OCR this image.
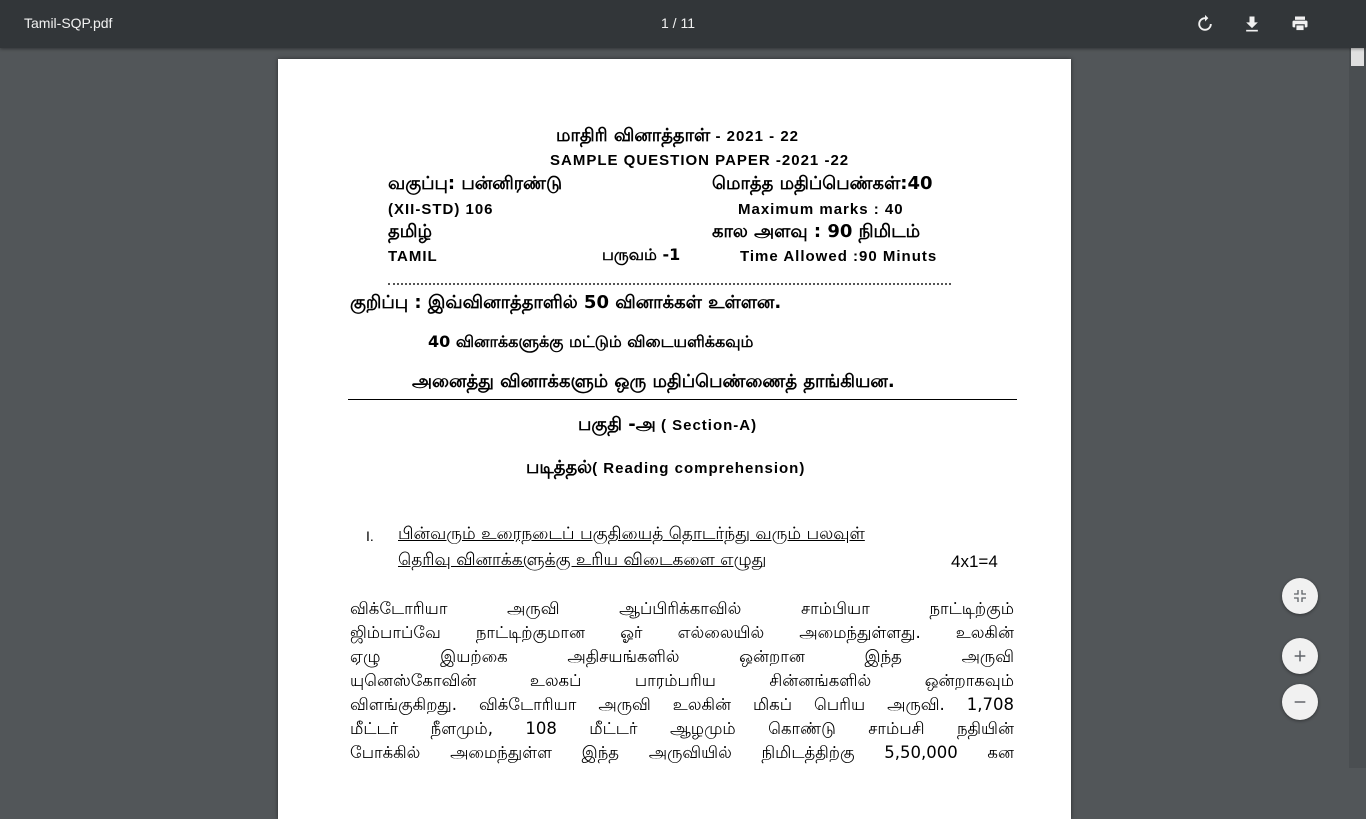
Tamil-SQP.pdf	1 / 11
மாதிரி வினாத்தாள் - 2021 - 22
SAMPLE QUESTION PAPER -2021 -22
வகுப்பு: பன்னிரண்டு	மொத்த மதிப்பெண்கள்:40
(XII-STD) 106	Maximum marks : 40
தமிழ்	கால அளவு : 90 நிமிடம்
TAMIL	பருவம் -1	Time Allowed :90 Minuts
குறிப்பு : இவ்வினாத்தாளில் 50 வினாக்கள் உள்ளன.
40 வினாக்களுக்கு மட்டும் விடையளிக்கவும்
அனைத்து வினாக்களும் ஒரு மதிப்பெண்ணைத் தாங்கியன.
பகுதி -அ ( Section-A)
படித்தல்( Reading comprehension)
I. பின்வரும் உரைநடைப் பகுதியைத் தொடர்ந்து வரும் பலவுள்
தெரிவு வினாக்களுக்கு உரிய விடைகளை எழுது	4x1=4
விக்டோரியா அருவி ஆப்பிரிக்காவில் சாம்பியா நாட்டிற்கும்
ஜிம்பாப்வே நாட்டிற்குமான ஓர் எல்லையில் அமைந்துள்ளது. உலகின்
ஏழு இயற்கை அதிசயங்களில் ஒன்றான இந்த அருவி
யுனெஸ்கோவின் உலகப் பாரம்பரிய சின்னங்களில் ஒன்றாகவும்
விளங்குகிறது. விக்டோரியா அருவி உலகின் மிகப் பெரிய அருவி. 1,708
மீட்டர் நீளமும், 108 மீட்டர் ஆழமும் கொண்டு சாம்பசி நதியின்
போக்கில் அமைந்துள்ள இந்த அருவியில் நிமிடத்திற்கு 5,50,000 கன
